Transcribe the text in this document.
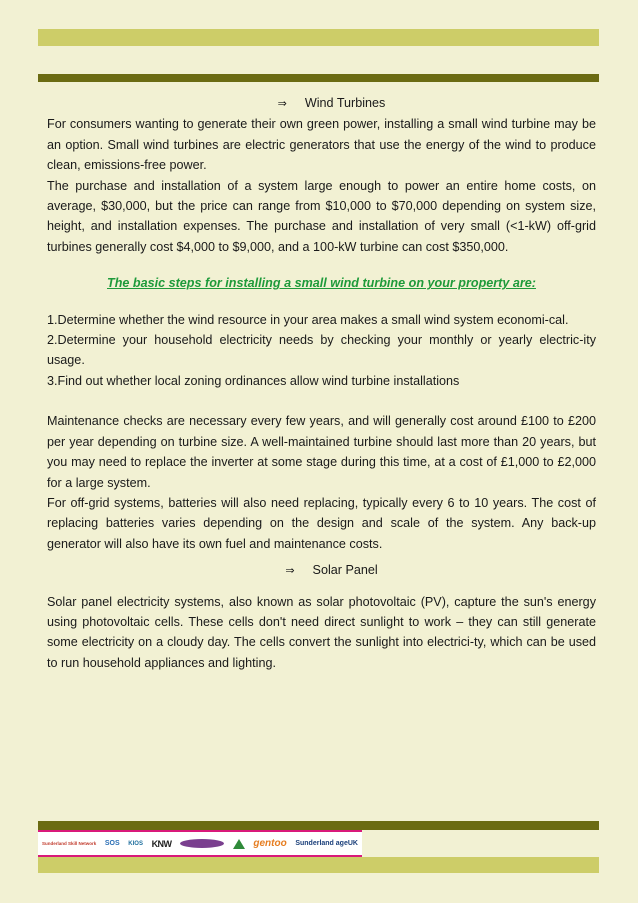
⇒ Wind Turbines

For consumers wanting to generate their own green power, installing a small wind turbine may be an option. Small wind turbines are electric generators that use the energy of the wind to produce clean, emissions-free power.

The purchase and installation of a system large enough to power an entire home costs, on average, $30,000, but the price can range from $10,000 to $70,000 depending on system size, height, and installation expenses. The purchase and installation of very small (<1-kW) off-grid turbines generally cost $4,000 to $9,000, and a 100-kW turbine can cost $350,000.

The basic steps for installing a small wind turbine on your property are:

1.Determine whether the wind resource in your area makes a small wind system economi-cal.

2.Determine your household electricity needs by checking your monthly or yearly electric-ity usage.

3.Find out whether local zoning ordinances allow wind turbine installations

Maintenance checks are necessary every few years, and will generally cost around £100 to £200 per year depending on turbine size. A well-maintained turbine should last more than 20 years, but you may need to replace the inverter at some stage during this time, at a cost of £1,000 to £2,000 for a large system.

For off-grid systems, batteries will also need replacing, typically every 6 to 10 years. The cost of replacing batteries varies depending on the design and scale of the system. Any back-up generator will also have its own fuel and maintenance costs.

⇒ Solar Panel

Solar panel electricity systems, also known as solar photovoltaic (PV), capture the sun's energy using photovoltaic cells. These cells don't need direct sunlight to work – they can still generate some electricity on a cloudy day. The cells convert the sunlight into electrici-ty, which can be used to run household appliances and lighting.

Sunderland Skill Network SOS KIOS KNW	gentoo Sunderland ageUK
